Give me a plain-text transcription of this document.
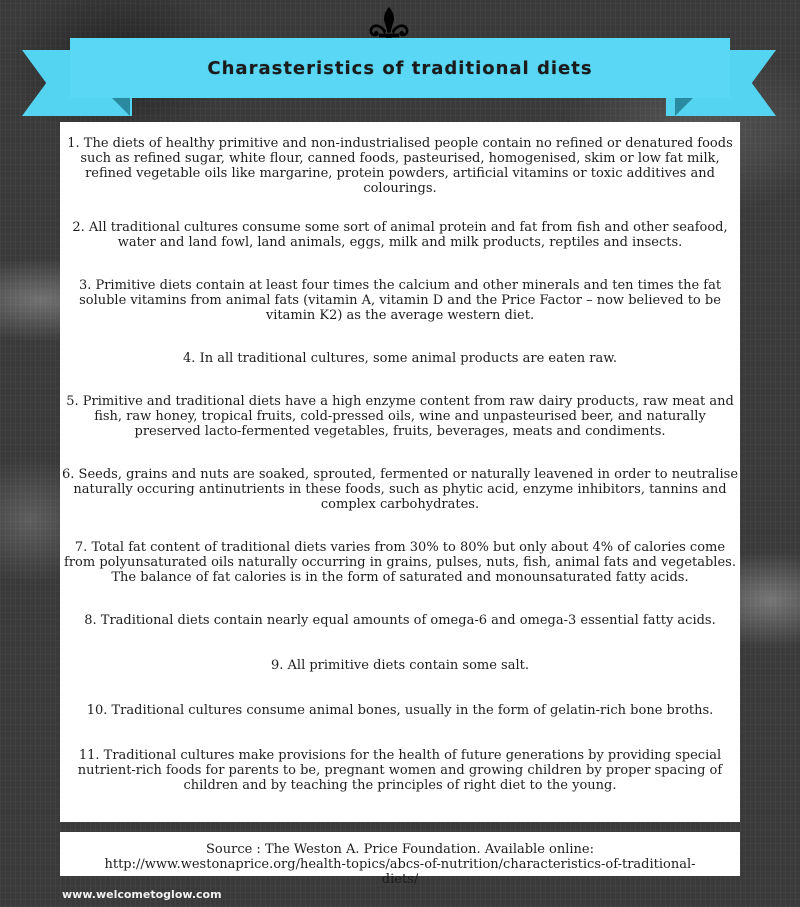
Charasteristics of traditional diets

1. The diets of healthy primitive and non-industrialised people contain no refined or denatured foods such as refined sugar, white flour, canned foods, pasteurised, homogenised, skim or low fat milk, refined vegetable oils like margarine, protein powders, artificial vitamins or toxic additives and colourings.

2. All traditional cultures consume some sort of animal protein and fat from fish and other seafood, water and land fowl, land animals, eggs, milk and milk products, reptiles and insects.

3. Primitive diets contain at least four times the calcium and other minerals and ten times the fat soluble vitamins from animal fats (vitamin A, vitamin D and the Price Factor – now believed to be vitamin K2) as the average western diet.

4. In all traditional cultures, some animal products are eaten raw.

5. Primitive and traditional diets have a high enzyme content from raw dairy products, raw meat and fish, raw honey, tropical fruits, cold-pressed oils, wine and unpasteurised beer, and naturally preserved lacto-fermented vegetables, fruits, beverages, meats and condiments.

6. Seeds, grains and nuts are soaked, sprouted, fermented or naturally leavened in order to neutralise naturally occuring antinutrients in these foods, such as phytic acid, enzyme inhibitors, tannins and complex carbohydrates.

7. Total fat content of traditional diets varies from 30% to 80% but only about 4% of calories come from polyunsaturated oils naturally occurring in grains, pulses, nuts, fish, animal fats and vegetables. The balance of fat calories is in the form of saturated and monounsaturated fatty acids.

8. Traditional diets contain nearly equal amounts of omega-6 and omega-3 essential fatty acids.

9. All primitive diets contain some salt.

10. Traditional cultures consume animal bones, usually in the form of gelatin-rich bone broths.

11. Traditional cultures make provisions for the health of future generations by providing special nutrient-rich foods for parents to be, pregnant women and growing children by proper spacing of children and by teaching the principles of right diet to the young.

Source : The Weston A. Price Foundation. Available online: http://www.westonaprice.org/health-topics/abcs-of-nutrition/characteristics-of-traditional-diets/
www.welcometoglow.com
